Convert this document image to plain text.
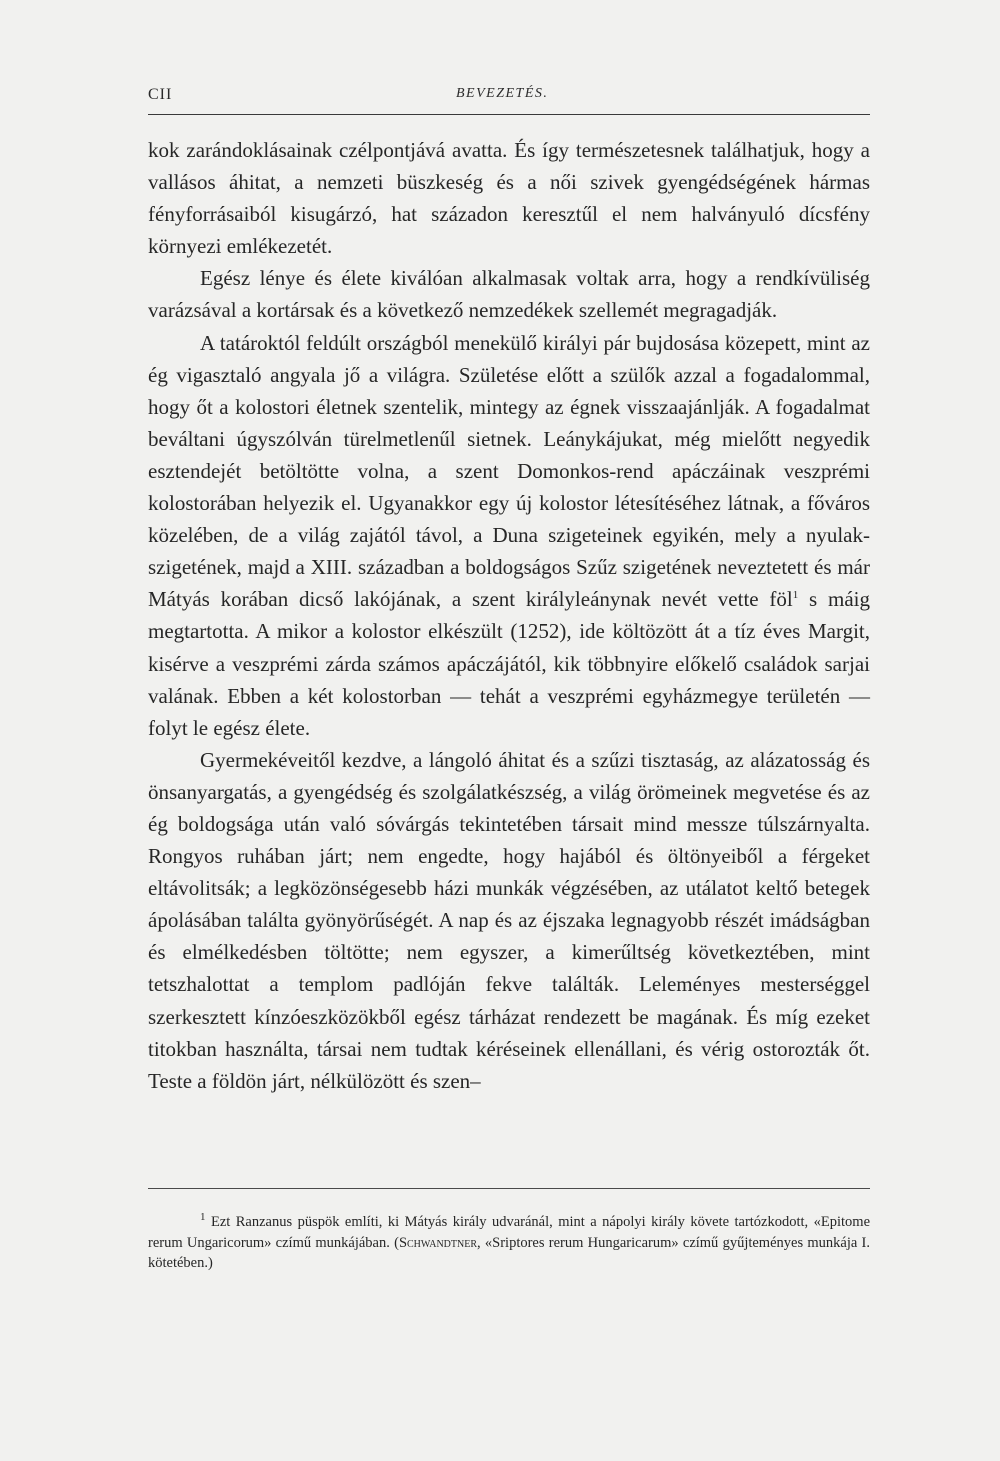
CII	BEVEZETÉS.

kok zarándoklásainak czélpontjává avatta. És így természetesnek találhatjuk, hogy a vallásos áhitat, a nemzeti büszkeség és a női szivek gyengédségének hármas fényforrásaiból kisugárzó, hat századon keresztűl el nem halványuló dícsfény környezi emlékezetét.

Egész lénye és élete kiválóan alkalmasak voltak arra, hogy a rendkívüliség varázsával a kortársak és a következő nemzedékek szellemét megragadják.

A tatároktól feldúlt országból menekülő királyi pár bujdosása közepett, mint az ég vigasztaló angyala jő a világra. Születése előtt a szülők azzal a fogadalommal, hogy őt a kolostori életnek szentelik, mintegy az égnek visszaajánlják. A fogadalmat beváltani úgyszólván türelmetlenűl sietnek. Leánykájukat, még mielőtt negyedik esztendejét betöltötte volna, a szent Domonkos-rend apáczáinak veszprémi kolostorában helyezik el. Ugyanakkor egy új kolostor létesítéséhez látnak, a főváros közelében, de a világ zajától távol, a Duna szigeteinek egyikén, mely a nyulak-szigetének, majd a XIII. században a boldogságos Szűz szigetének neveztetett és már Mátyás korában dicső lakójának, a szent királyleánynak nevét vette föl$^1$ s máig megtartotta. A mikor a kolostor elkészült (1252), ide költözött át a tíz éves Margit, kisérve a veszprémi zárda számos apáczájától, kik többnyire előkelő családok sarjai valának. Ebben a két kolostorban — tehát a veszprémi egyházmegye területén — folyt le egész élete.

Gyermekéveitől kezdve, a lángoló áhitat és a szűzi tisztaság, az alázatosság és önsanyargatás, a gyengédség és szolgálatkészség, a világ örömeinek megvetése és az ég boldogsága után való sóvárgás tekintetében társait mind messze túlszárnyalta. Rongyos ruhában járt; nem engedte, hogy hajából és öltönyeiből a férgeket eltávolitsák; a legközönségesebb házi munkák végzésében, az utálatot keltő betegek ápolásában találta gyönyörűségét. A nap és az éjszaka legnagyobb részét imádságban és elmélkedésben töltötte; nem egyszer, a kimerűltség következtében, mint tetszhalottat a templom padlóján fekve találták. Leleményes mesterséggel szerkesztett kínzóeszközökből egész tárházat rendezett be magának. És míg ezeket titokban használta, társai nem tudtak kéréseinek ellenállani, és vérig ostorozták őt. Teste a földön járt, nélkülözött és szen–

$^1$ Ezt Ranzanus püspök említi, ki Mátyás király udvaránál, mint a nápolyi király követe tartózkodott, «Epitome rerum Ungaricorum» czímű munkájában. (Schwandtner, «Sriptores rerum Hungaricarum» czímű gyűjteményes munkája I. kötetében.)
